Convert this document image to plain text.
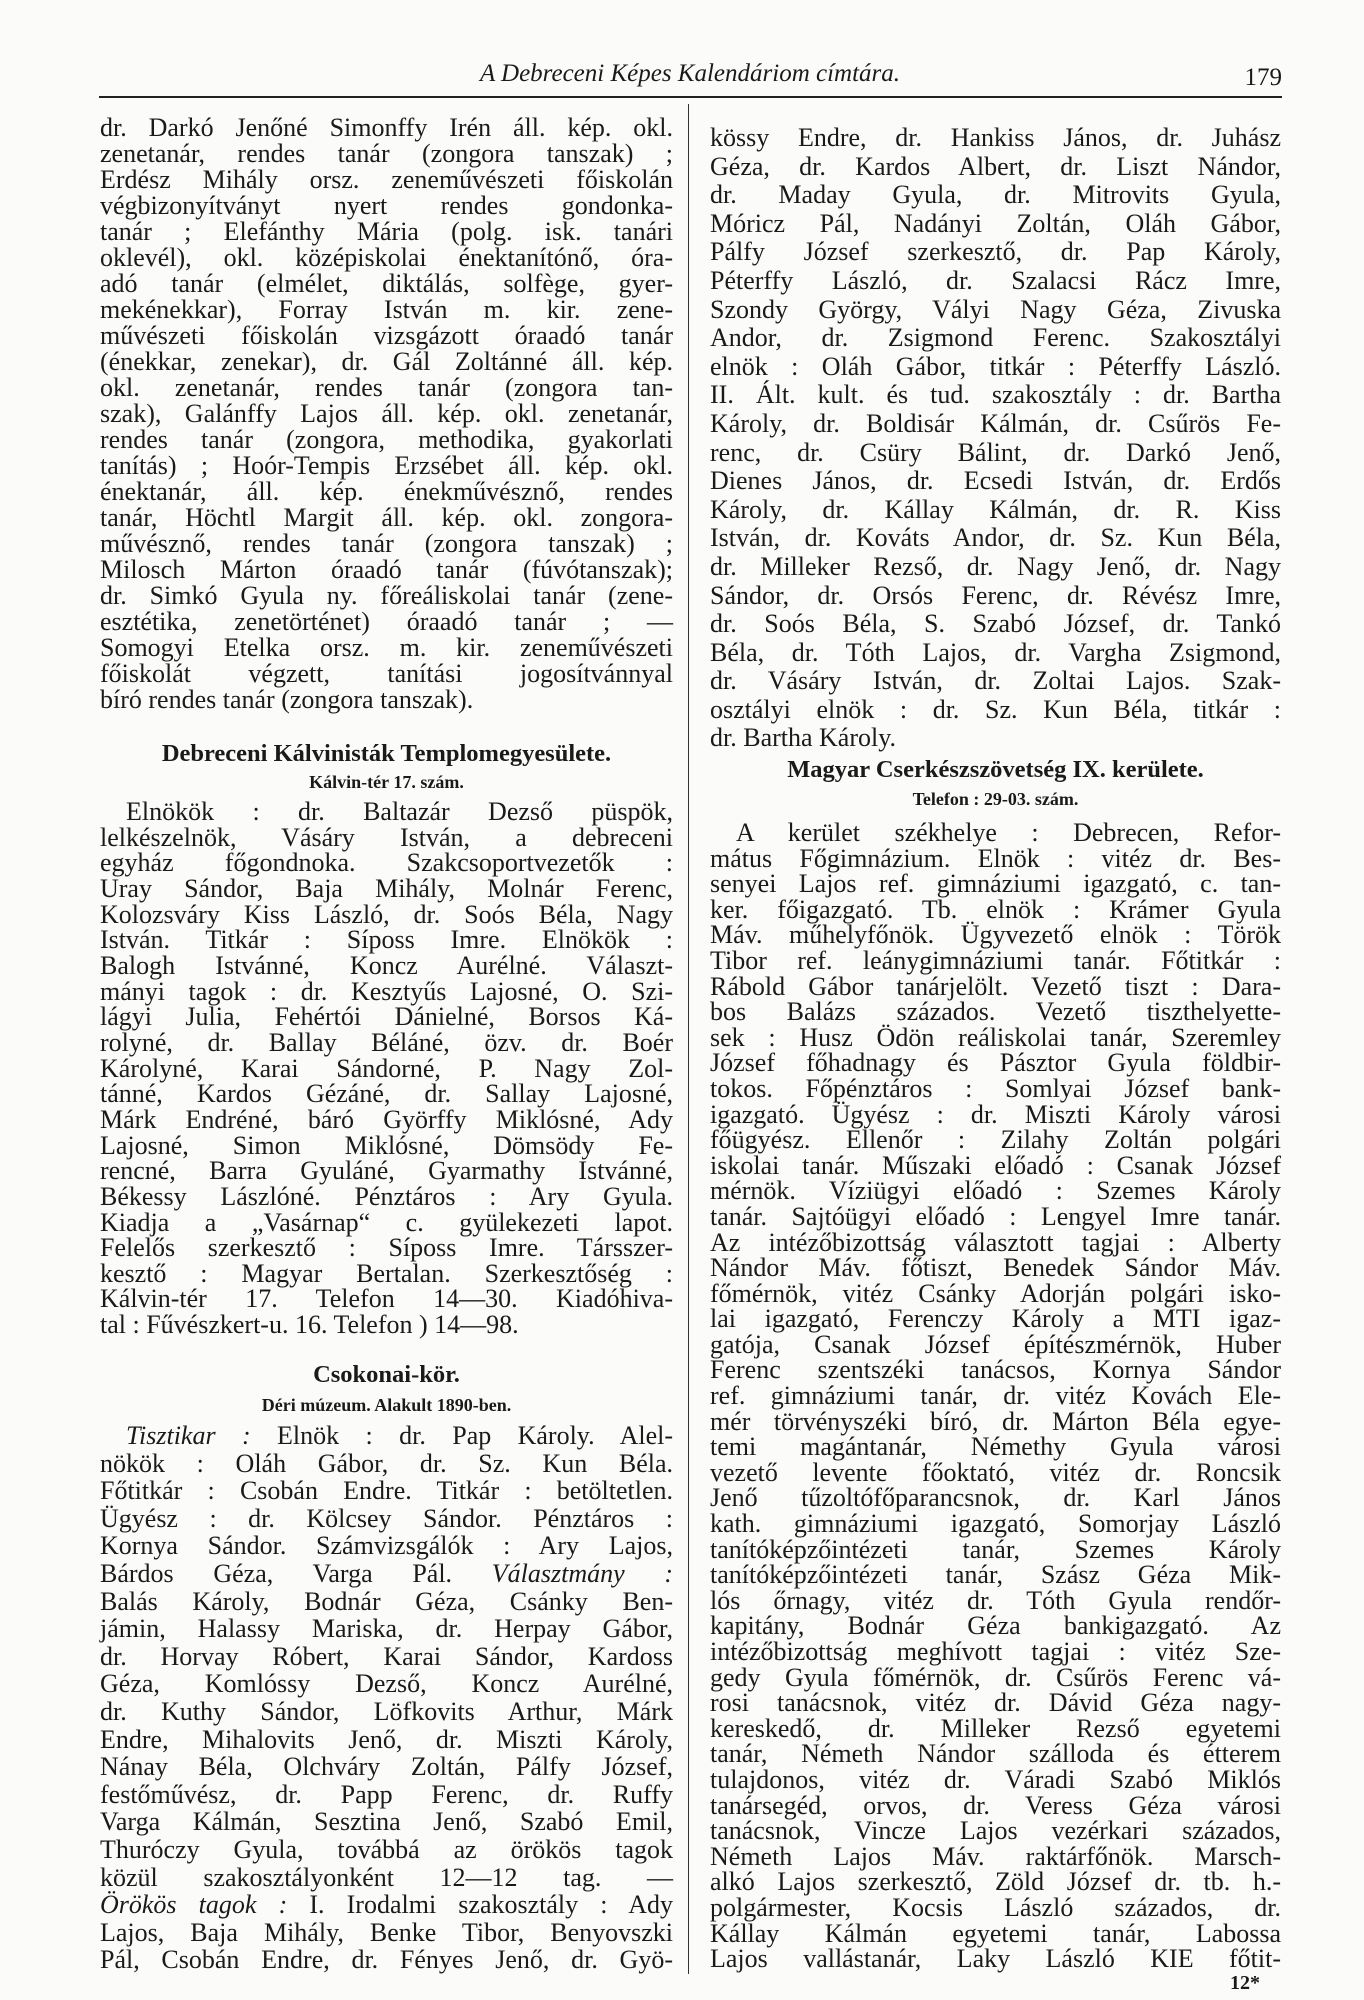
A Debreceni Képes Kalendáriom címtára.	179
dr. Darkó Jenőné Simonffy Irén áll. kép. okl.
zenetanár, rendes tanár (zongora tanszak) ;
Erdész Mihály orsz. zeneművészeti főiskolán
végbizonyítványt nyert rendes gondonka-
tanár ; Elefánthy Mária (polg. isk. tanári
oklevél), okl. középiskolai énektanítónő, óra-
adó tanár (elmélet, diktálás, solfège, gyer-
mekénekkar), Forray István m. kir. zene-
művészeti főiskolán vizsgázott óraadó tanár
(énekkar, zenekar), dr. Gál Zoltánné áll. kép.
okl. zenetanár, rendes tanár (zongora tan-
szak), Galánffy Lajos áll. kép. okl. zenetanár,
rendes tanár (zongora, methodika, gyakorlati
tanítás) ; Hoór-Tempis Erzsébet áll. kép. okl.
énektanár, áll. kép. énekművésznő, rendes
tanár, Höchtl Margit áll. kép. okl. zongora-
művésznő, rendes tanár (zongora tanszak) ;
Milosch Márton óraadó tanár (fúvótanszak);
dr. Simkó Gyula ny. főreáliskolai tanár (zene-
esztétika, zenetörténet) óraadó tanár ; —
Somogyi Etelka orsz. m. kir. zeneművészeti
főiskolát végzett, tanítási jogosítvánnyal
bíró rendes tanár (zongora tanszak).
Debreceni Kálvinisták Templomegyesülete.
Kálvin-tér 17. szám.
Elnökök : dr. Baltazár Dezső püspök,
lelkészelnök, Vásáry István, a debreceni
egyház főgondnoka. Szakcsoportvezetők :
Uray Sándor, Baja Mihály, Molnár Ferenc,
Kolozsváry Kiss László, dr. Soós Béla, Nagy
István. Titkár : Síposs Imre. Elnökök :
Balogh Istvánné, Koncz Aurélné. Választ-
mányi tagok : dr. Kesztyűs Lajosné, O. Szi-
lágyi Julia, Fehértói Dánielné, Borsos Ká-
rolyné, dr. Ballay Béláné, özv. dr. Boér
Károlyné, Karai Sándorné, P. Nagy Zol-
tánné, Kardos Gézáné, dr. Sallay Lajosné,
Márk Endréné, báró Györffy Miklósné, Ady
Lajosné, Simon Miklósné, Dömsödy Fe-
rencné, Barra Gyuláné, Gyarmathy Istvánné,
Békessy Lászlóné. Pénztáros : Ary Gyula.
Kiadja a „Vasárnap“ c. gyülekezeti lapot.
Felelős szerkesztő : Síposs Imre. Társszer-
kesztő : Magyar Bertalan. Szerkesztőség :
Kálvin-tér 17. Telefon 14—30. Kiadóhiva-
tal : Fűvészkert-u. 16. Telefon ) 14—98.
Csokonai-kör.
Déri múzeum. Alakult 1890-ben.
Tisztikar : Elnök : dr. Pap Károly. Alel-
nökök : Oláh Gábor, dr. Sz. Kun Béla.
Főtitkár : Csobán Endre. Titkár : betöltetlen.
Ügyész : dr. Kölcsey Sándor. Pénztáros :
Kornya Sándor. Számvizsgálók : Ary Lajos,
Bárdos Géza, Varga Pál. Választmány :
Balás Károly, Bodnár Géza, Csánky Ben-
jámin, Halassy Mariska, dr. Herpay Gábor,
dr. Horvay Róbert, Karai Sándor, Kardoss
Géza, Komlóssy Dezső, Koncz Aurélné,
dr. Kuthy Sándor, Löfkovits Arthur, Márk
Endre, Mihalovits Jenő, dr. Miszti Károly,
Nánay Béla, Olchváry Zoltán, Pálfy József,
festőművész, dr. Papp Ferenc, dr. Ruffy
Varga Kálmán, Sesztina Jenő, Szabó Emil,
Thuróczy Gyula, továbbá az örökös tagok
közül szakosztályonként 12—12 tag. —
Örökös tagok : I. Irodalmi szakosztály : Ady
Lajos, Baja Mihály, Benke Tibor, Benyovszki
Pál, Csobán Endre, dr. Fényes Jenő, dr. Gyö-
kössy Endre, dr. Hankiss János, dr. Juhász
Géza, dr. Kardos Albert, dr. Liszt Nándor,
dr. Maday Gyula, dr. Mitrovits Gyula,
Móricz Pál, Nadányi Zoltán, Oláh Gábor,
Pálfy József szerkesztő, dr. Pap Károly,
Péterffy László, dr. Szalacsi Rácz Imre,
Szondy György, Vályi Nagy Géza, Zivuska
Andor, dr. Zsigmond Ferenc. Szakosztályi
elnök : Oláh Gábor, titkár : Péterffy László.
II. Ált. kult. és tud. szakosztály : dr. Bartha
Károly, dr. Boldisár Kálmán, dr. Csűrös Fe-
renc, dr. Csüry Bálint, dr. Darkó Jenő,
Dienes János, dr. Ecsedi István, dr. Erdős
Károly, dr. Kállay Kálmán, dr. R. Kiss
István, dr. Kováts Andor, dr. Sz. Kun Béla,
dr. Milleker Rezső, dr. Nagy Jenő, dr. Nagy
Sándor, dr. Orsós Ferenc, dr. Révész Imre,
dr. Soós Béla, S. Szabó József, dr. Tankó
Béla, dr. Tóth Lajos, dr. Vargha Zsigmond,
dr. Vásáry István, dr. Zoltai Lajos. Szak-
osztályi elnök : dr. Sz. Kun Béla, titkár :
dr. Bartha Károly.
Magyar Cserkészszövetség IX. kerülete.
Telefon : 29-03. szám.
A kerület székhelye : Debrecen, Refor-
mátus Főgimnázium. Elnök : vitéz dr. Bes-
senyei Lajos ref. gimnáziumi igazgató, c. tan-
ker. főigazgató. Tb. elnök : Krámer Gyula
Máv. műhelyfőnök. Ügyvezető elnök : Török
Tibor ref. leánygimnáziumi tanár. Főtitkár :
Rábold Gábor tanárjelölt. Vezető tiszt : Dara-
bos Balázs százados. Vezető tiszthelyette-
sek : Husz Ödön reáliskolai tanár, Szeremley
József főhadnagy és Pásztor Gyula földbir-
tokos. Főpénztáros : Somlyai József bank-
igazgató. Ügyész : dr. Miszti Károly városi
főügyész. Ellenőr : Zilahy Zoltán polgári
iskolai tanár. Műszaki előadó : Csanak József
mérnök. Víziügyi előadó : Szemes Károly
tanár. Sajtóügyi előadó : Lengyel Imre tanár.
Az intézőbizottság választott tagjai : Alberty
Nándor Máv. főtiszt, Benedek Sándor Máv.
főmérnök, vitéz Csánky Adorján polgári isko-
lai igazgató, Ferenczy Károly a MTI igaz-
gatója, Csanak József építészmérnök, Huber
Ferenc szentszéki tanácsos, Kornya Sándor
ref. gimnáziumi tanár, dr. vitéz Kovách Ele-
mér törvényszéki bíró, dr. Márton Béla egye-
temi magántanár, Némethy Gyula városi
vezető levente főoktató, vitéz dr. Roncsik
Jenő tűzoltófőparancsnok, dr. Karl János
kath. gimnáziumi igazgató, Somorjay László
tanítóképzőintézeti tanár, Szemes Károly
tanítóképzőintézeti tanár, Szász Géza Mik-
lós őrnagy, vitéz dr. Tóth Gyula rendőr-
kapitány, Bodnár Géza bankigazgató. Az
intézőbizottság meghívott tagjai : vitéz Sze-
gedy Gyula főmérnök, dr. Csűrös Ferenc vá-
rosi tanácsnok, vitéz dr. Dávid Géza nagy-
kereskedő, dr. Milleker Rezső egyetemi
tanár, Németh Nándor szálloda és étterem
tulajdonos, vitéz dr. Váradi Szabó Miklós
tanársegéd, orvos, dr. Veress Géza városi
tanácsnok, Vincze Lajos vezérkari százados,
Németh Lajos Máv. raktárfőnök. Marsch-
alkó Lajos szerkesztő, Zöld József dr. tb. h.-
polgármester, Kocsis László százados, dr.
Kállay Kálmán egyetemi tanár, Labossa
Lajos vallástanár, Laky László KIE főtit-
12*
